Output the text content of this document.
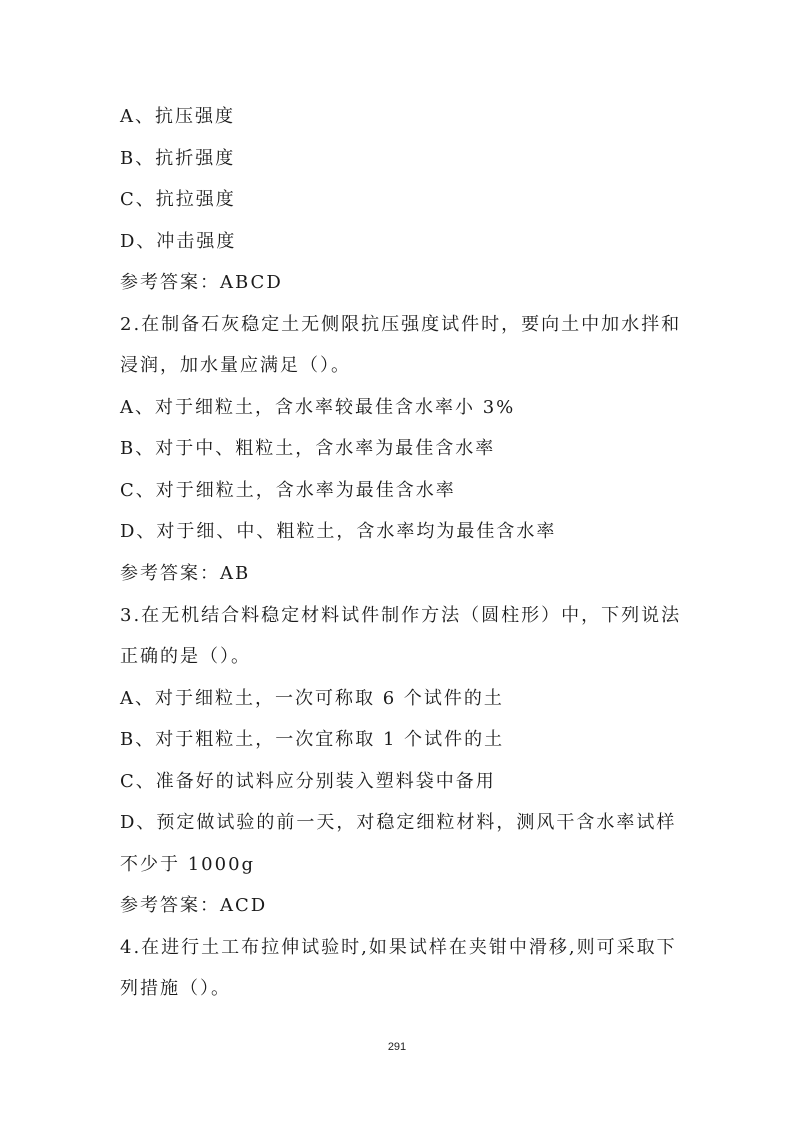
A、抗压强度
B、抗折强度
C、抗拉强度
D、冲击强度
参考答案：ABCD
2.在制备石灰稳定土无侧限抗压强度试件时，要向土中加水拌和
浸润，加水量应满足（）。
A、对于细粒土，含水率较最佳含水率小 3%
B、对于中、粗粒土，含水率为最佳含水率
C、对于细粒土，含水率为最佳含水率
D、对于细、中、粗粒土，含水率均为最佳含水率
参考答案：AB
3.在无机结合料稳定材料试件制作方法（圆柱形）中，下列说法
正确的是（）。
A、对于细粒土，一次可称取 6 个试件的土
B、对于粗粒土，一次宜称取 1 个试件的土
C、准备好的试料应分别装入塑料袋中备用
D、预定做试验的前一天，对稳定细粒材料，测风干含水率试样
不少于 1000g
参考答案：ACD
4.在进行土工布拉伸试验时,如果试样在夹钳中滑移,则可采取下
列措施（）。
291
